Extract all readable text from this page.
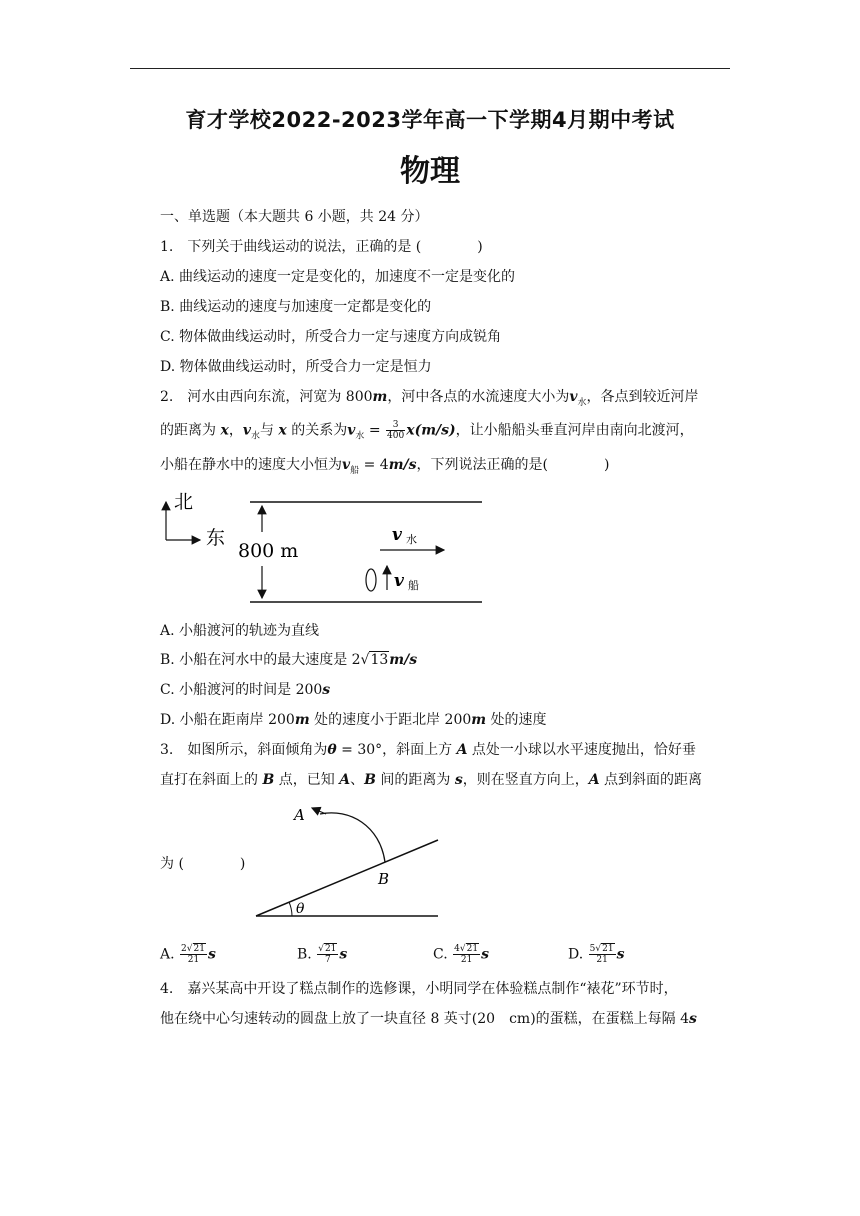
育才学校2022-2023学年高一下学期4月期中考试
物理
一、单选题（本大题共 6 小题，共 24 分）
1.　下列关于曲线运动的说法，正确的是 (　　　　)
A. 曲线运动的速度一定是变化的，加速度不一定是变化的
B. 曲线运动的速度与加速度一定都是变化的
C. 物体做曲线运动时，所受合力一定与速度方向成锐角
D. 物体做曲线运动时，所受合力一定是恒力
2.　河水由西向东流，河宽为 800m，河中各点的水流速度大小为$v_水$，各点到较近河岸
的距离为 x，$v_水$与 x 的关系为$v_水 = \frac{3}{400} x(m/s)$，让小船船头垂直河岸由南向北渡河，
小船在静水中的速度大小恒为$v_船 = 4m/s$，下列说法正确的是(　　　　)
北
东
800 m
v 水
v 船
A. 小船渡河的轨迹为直线
B. 小船在河水中的最大速度是 2√13m/s
C. 小船渡河的时间是 200s
D. 小船在距南岸 200m 处的速度小于距北岸 200m 处的速度
3.　如图所示，斜面倾角为θ = 30°，斜面上方 A 点处一小球以水平速度抛出，恰好垂
直打在斜面上的 B 点，已知 A、B 间的距离为 s，则在竖直方向上，A 点到斜面的距离
θ
A
B
为 (　　　　)
A. $\frac{2√21}{21}$ s	B. $\frac{√21}{7}$ s	C. $\frac{4√21}{21}$ s	D. $\frac{5√21}{21}$ s
4.　嘉兴某高中开设了糕点制作的选修课，小明同学在体验糕点制作“裱花”环节时，
他在绕中心匀速转动的圆盘上放了一块直径 8 英寸(20　cm)的蛋糕，在蛋糕上每隔 4s
